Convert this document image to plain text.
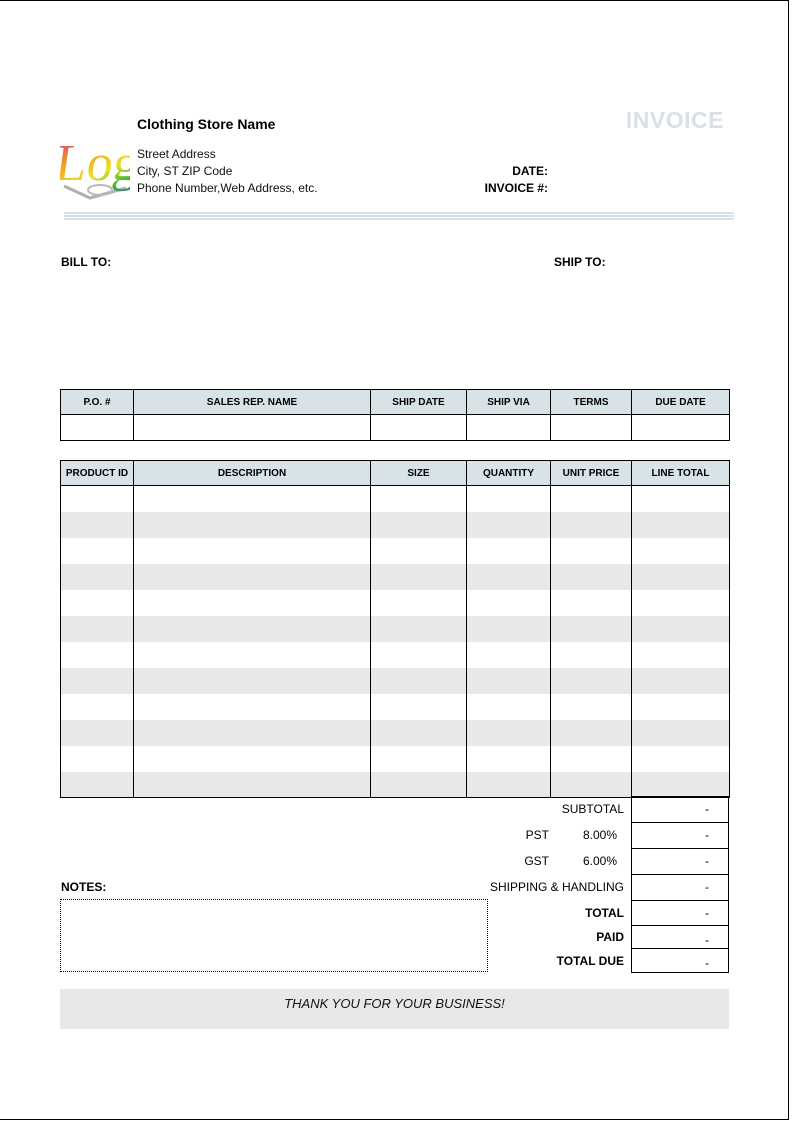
Logo
Clothing Store Name
Street Address
City, ST ZIP Code
Phone Number,Web Address, etc.
INVOICE
DATE:
INVOICE #:
BILL TO:	SHIP TO:
P.O. #	SALES REP. NAME	SHIP DATE	SHIP VIA	TERMS	DUE DATE

PRODUCT ID	DESCRIPTION	SIZE	QUANTITY	UNIT PRICE	LINE TOTAL

SUBTOTAL	-
PST	8.00%	-
GST	6.00%	-
SHIPPING & HANDLING	-
TOTAL	-
PAID	-
TOTAL DUE	-
NOTES:
THANK YOU FOR YOUR BUSINESS!
